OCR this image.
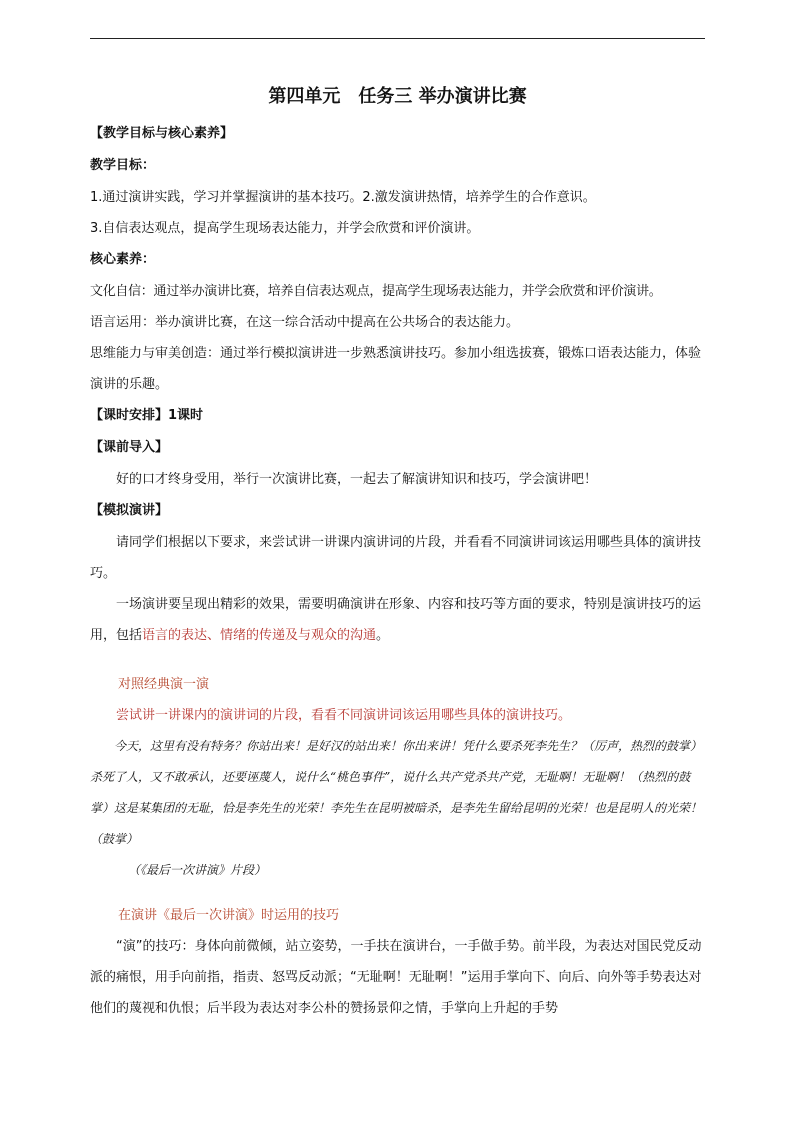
第四单元 任务三 举办演讲比赛
【教学目标与核心素养】
教学目标：

1.通过演讲实践，学习并掌握演讲的基本技巧。2.激发演讲热情，培养学生的合作意识。

3.自信表达观点，提高学生现场表达能力，并学会欣赏和评价演讲。

核心素养：

文化自信：通过举办演讲比赛，培养自信表达观点，提高学生现场表达能力，并学会欣赏和评价演讲。

语言运用：举办演讲比赛，在这一综合活动中提高在公共场合的表达能力。

思维能力与审美创造：通过举行模拟演讲进一步熟悉演讲技巧。参加小组选拔赛，锻炼口语表达能力，体验演讲的乐趣。

【课时安排】1课时
【课前导入】

好的口才终身受用，举行一次演讲比赛，一起去了解演讲知识和技巧，学会演讲吧！

【模拟演讲】

请同学们根据以下要求，来尝试讲一讲课内演讲词的片段，并看看不同演讲词该运用哪些具体的演讲技巧。

一场演讲要呈现出精彩的效果，需要明确演讲在形象、内容和技巧等方面的要求，特别是演讲技巧的运用，包括语言的表达、情绪的传递及与观众的沟通。

对照经典演一演

尝试讲一讲课内的演讲词的片段，看看不同演讲词该运用哪些具体的演讲技巧。

今天，这里有没有特务？你站出来！是好汉的站出来！你出来讲！凭什么要杀死李先生？（厉声，热烈的鼓掌）杀死了人，又不敢承认，还要诬蔑人，说什么“桃色事件”，说什么共产党杀共产党，无耻啊！无耻啊！（热烈的鼓掌）这是某集团的无耻，恰是李先生的光荣！李先生在昆明被暗杀，是李先生留给昆明的光荣！也是昆明人的光荣！（鼓掌）

（《最后一次讲演》片段）

在演讲《最后一次讲演》时运用的技巧

“演”的技巧：身体向前微倾，站立姿势，一手扶在演讲台，一手做手势。前半段，为表达对国民党反动派的痛恨，用手向前指，指责、怒骂反动派；“无耻啊！无耻啊！”运用手掌向下、向后、向外等手势表达对他们的蔑视和仇恨；后半段为表达对李公朴的赞扬景仰之情，手掌向上升起的手势
